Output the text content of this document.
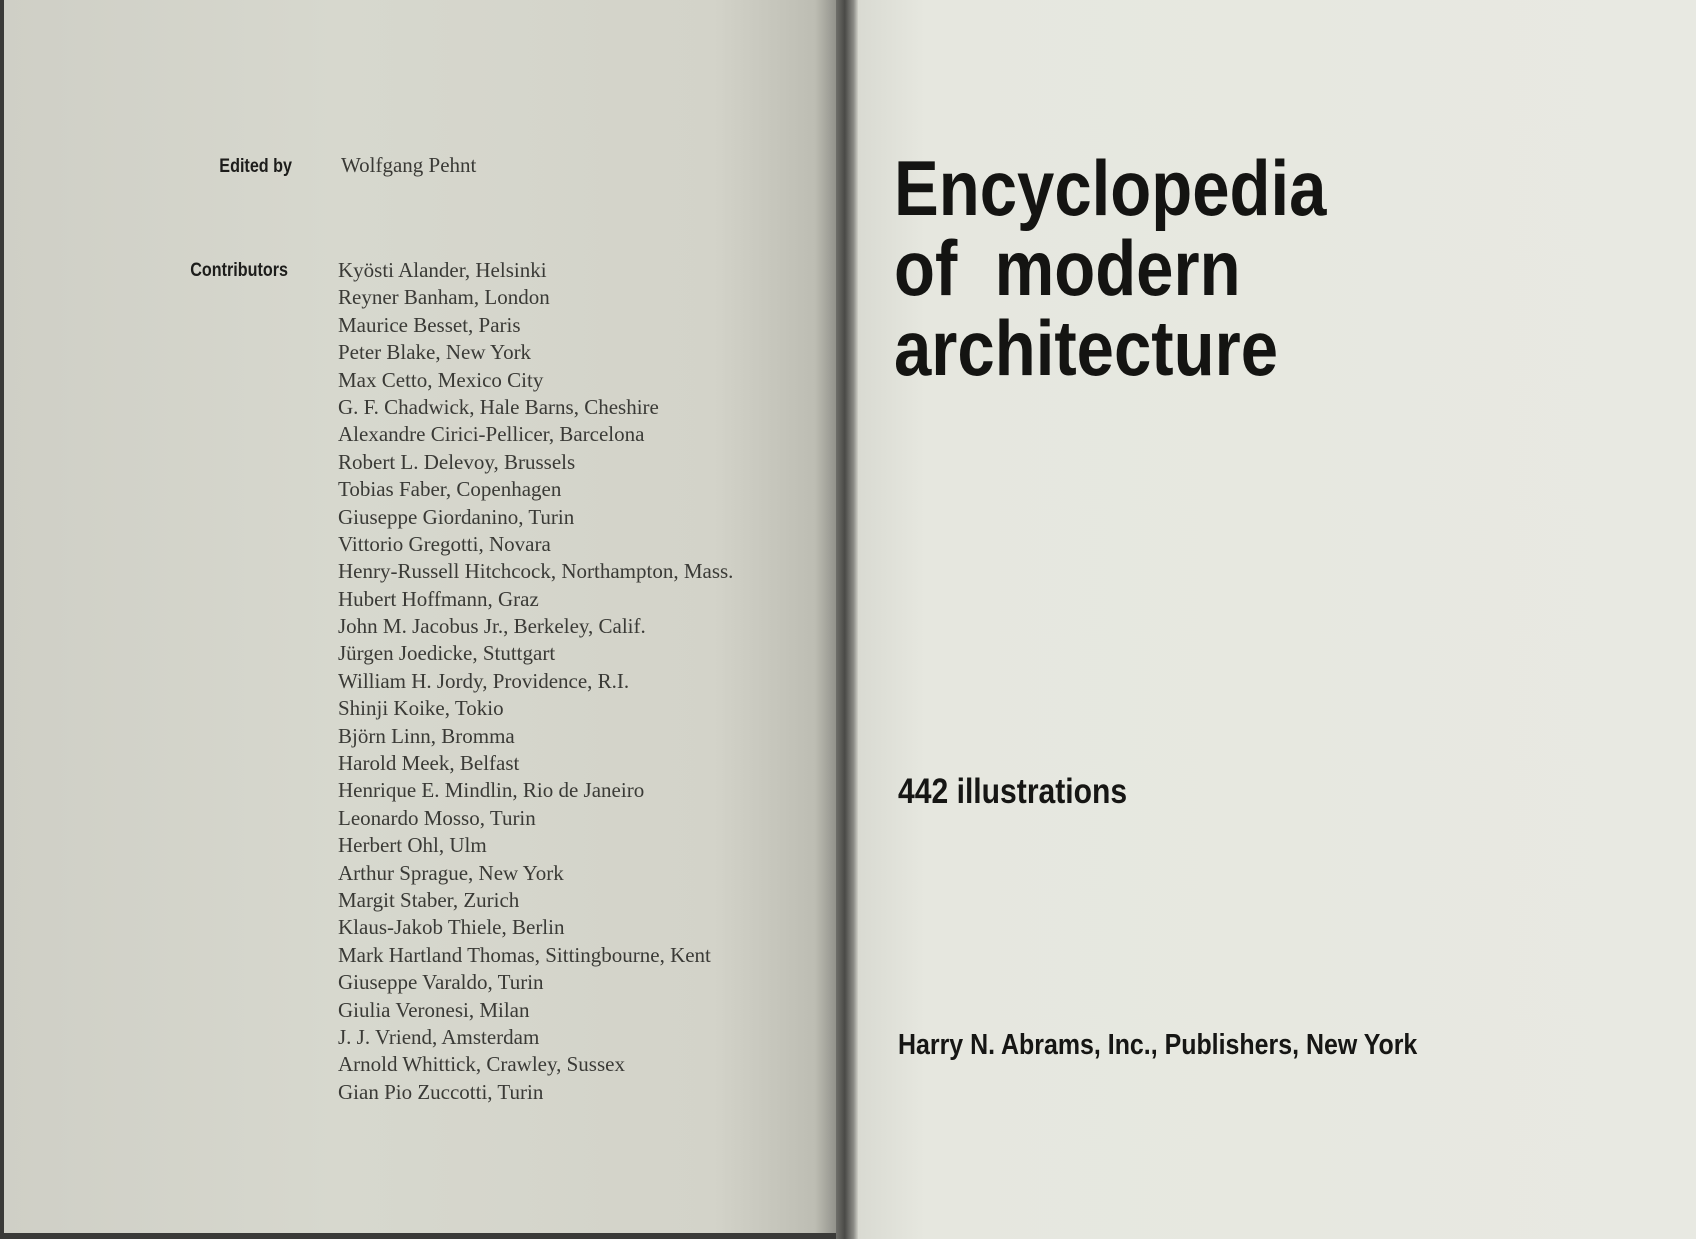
Edited by Wolfgang Pehnt
Contributors Kyösti Alander, Helsinki
Reyner Banham, London
Maurice Besset, Paris
Peter Blake, New York
Max Cetto, Mexico City
G. F. Chadwick, Hale Barns, Cheshire
Alexandre Cirici-Pellicer, Barcelona
Robert L. Delevoy, Brussels
Tobias Faber, Copenhagen
Giuseppe Giordanino, Turin
Vittorio Gregotti, Novara
Henry-Russell Hitchcock, Northampton, Mass.
Hubert Hoffmann, Graz
John M. Jacobus Jr., Berkeley, Calif.
Jürgen Joedicke, Stuttgart
William H. Jordy, Providence, R.I.
Shinji Koike, Tokio
Björn Linn, Bromma
Harold Meek, Belfast
Henrique E. Mindlin, Rio de Janeiro
Leonardo Mosso, Turin
Herbert Ohl, Ulm
Arthur Sprague, New York
Margit Staber, Zurich
Klaus-Jakob Thiele, Berlin
Mark Hartland Thomas, Sittingbourne, Kent
Giuseppe Varaldo, Turin
Giulia Veronesi, Milan
J. J. Vriend, Amsterdam
Arnold Whittick, Crawley, Sussex
Gian Pio Zuccotti, Turin
Encyclopedia
of  modern
architecture
442 illustrations
Harry N. Abrams, Inc., Publishers, New York
